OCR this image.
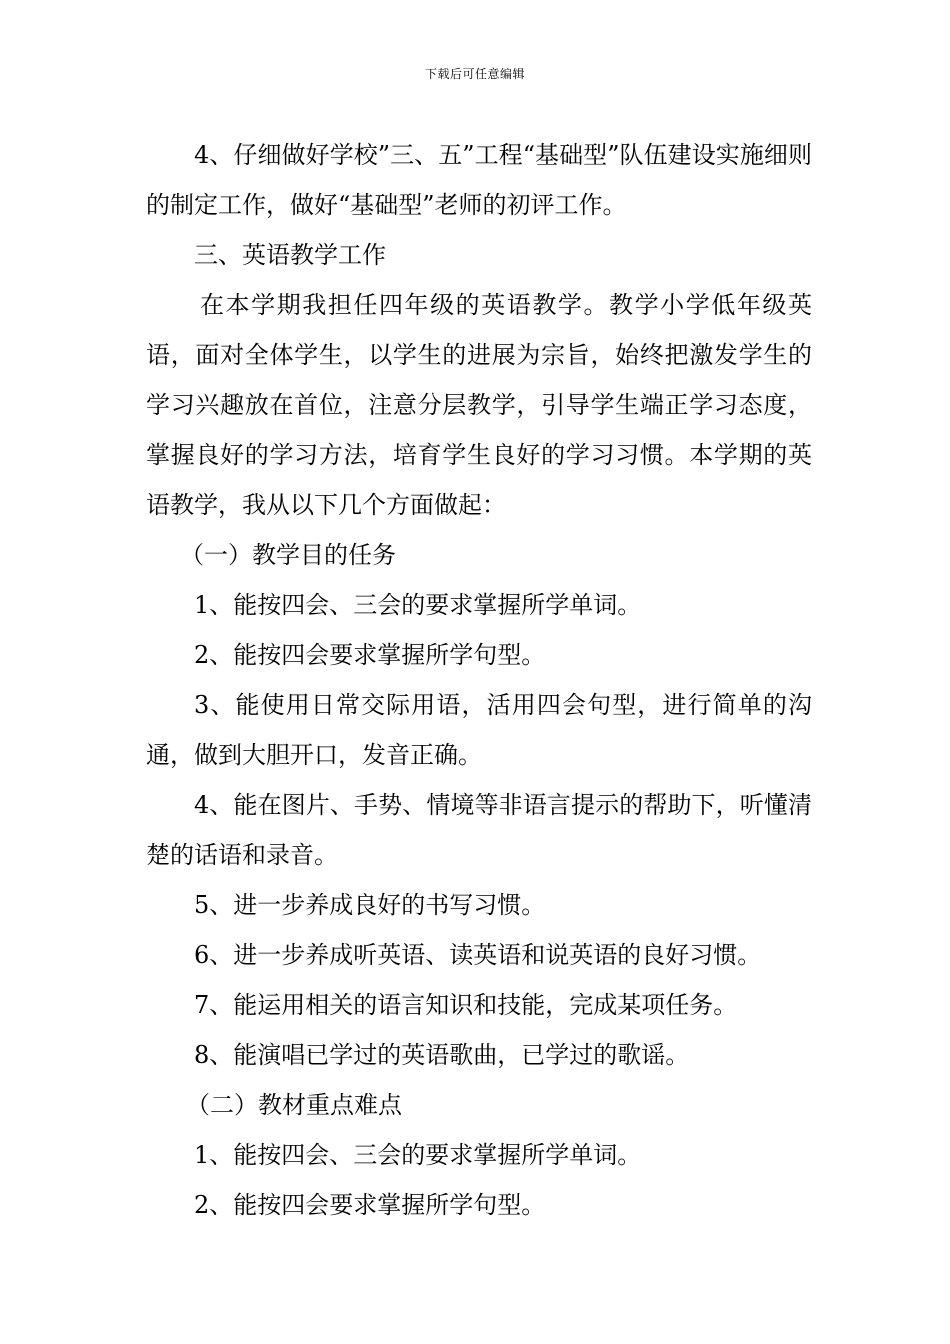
下载后可任意编辑

4、仔细做好学校”三、五”工程“基础型”队伍建设实施细则的制定工作，做好“基础型”老师的初评工作。

三、英语教学工作

在本学期我担任四年级的英语教学。教学小学低年级英语，面对全体学生，以学生的进展为宗旨，始终把激发学生的学习兴趣放在首位，注意分层教学，引导学生端正学习态度，掌握良好的学习方法，培育学生良好的学习习惯。本学期的英语教学，我从以下几个方面做起：

（一）教学目的任务

1、能按四会、三会的要求掌握所学单词。

2、能按四会要求掌握所学句型。

3、能使用日常交际用语，活用四会句型，进行简单的沟通，做到大胆开口，发音正确。

4、能在图片、手势、情境等非语言提示的帮助下，听懂清楚的话语和录音。

5、进一步养成良好的书写习惯。

6、进一步养成听英语、读英语和说英语的良好习惯。

7、能运用相关的语言知识和技能，完成某项任务。

8、能演唱已学过的英语歌曲，已学过的歌谣。

（二）教材重点难点

1、能按四会、三会的要求掌握所学单词。

2、能按四会要求掌握所学句型。
